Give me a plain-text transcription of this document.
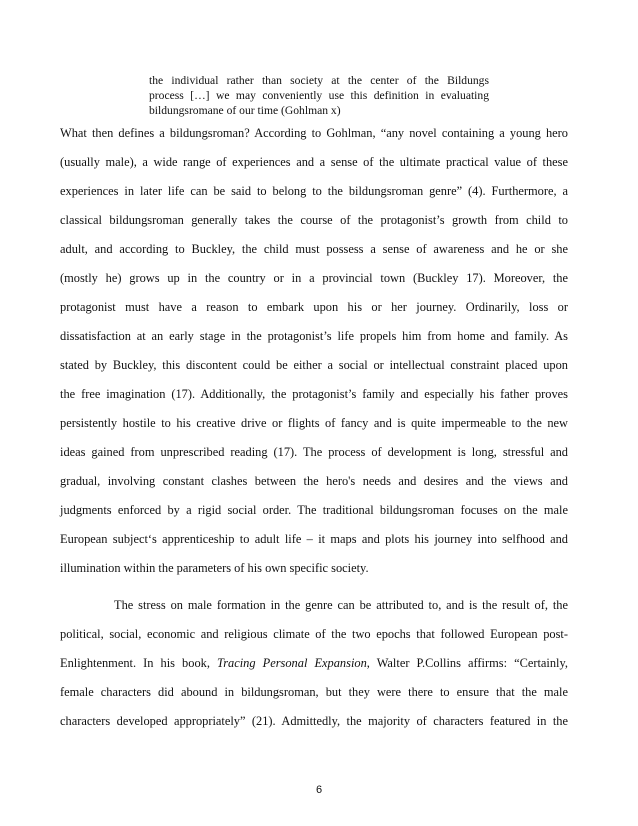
the individual rather than society at the center of the Bildungs
process […] we may conveniently use this definition in evaluating
bildungsromane of our time (Gohlman x)
What then defines a bildungsroman? According to Gohlman, “any novel containing a young hero
(usually male), a wide range of experiences and a sense of the ultimate practical value of these
experiences in later life can be said to belong to the bildungsroman genre” (4). Furthermore, a
classical bildungsroman generally takes the course of the protagonist’s growth from child to
adult, and according to Buckley, the child must possess a sense of awareness and he or she
(mostly he) grows up in the country or in a provincial town (Buckley 17). Moreover, the
protagonist must have a reason to embark upon his or her journey. Ordinarily, loss or
dissatisfaction at an early stage in the protagonist’s life propels him from home and family. As
stated by Buckley, this discontent could be either a social or intellectual constraint placed upon
the free imagination (17). Additionally, the protagonist’s family and especially his father proves
persistently hostile to his creative drive or flights of fancy and is quite impermeable to the new
ideas gained from unprescribed reading (17). The process of development is long, stressful and
gradual, involving constant clashes between the hero's needs and desires and the views and
judgments enforced by a rigid social order. The traditional bildungsroman focuses on the male
European subject‘s apprenticeship to adult life – it maps and plots his journey into selfhood and
illumination within the parameters of his own specific society.
The stress on male formation in the genre can be attributed to, and is the result of, the
political, social, economic and religious climate of the two epochs that followed European post-
Enlightenment. In his book, Tracing Personal Expansion, Walter P.Collins affirms: “Certainly,
female characters did abound in bildungsroman, but they were there to ensure that the male
characters developed appropriately” (21). Admittedly, the majority of characters featured in the
6
